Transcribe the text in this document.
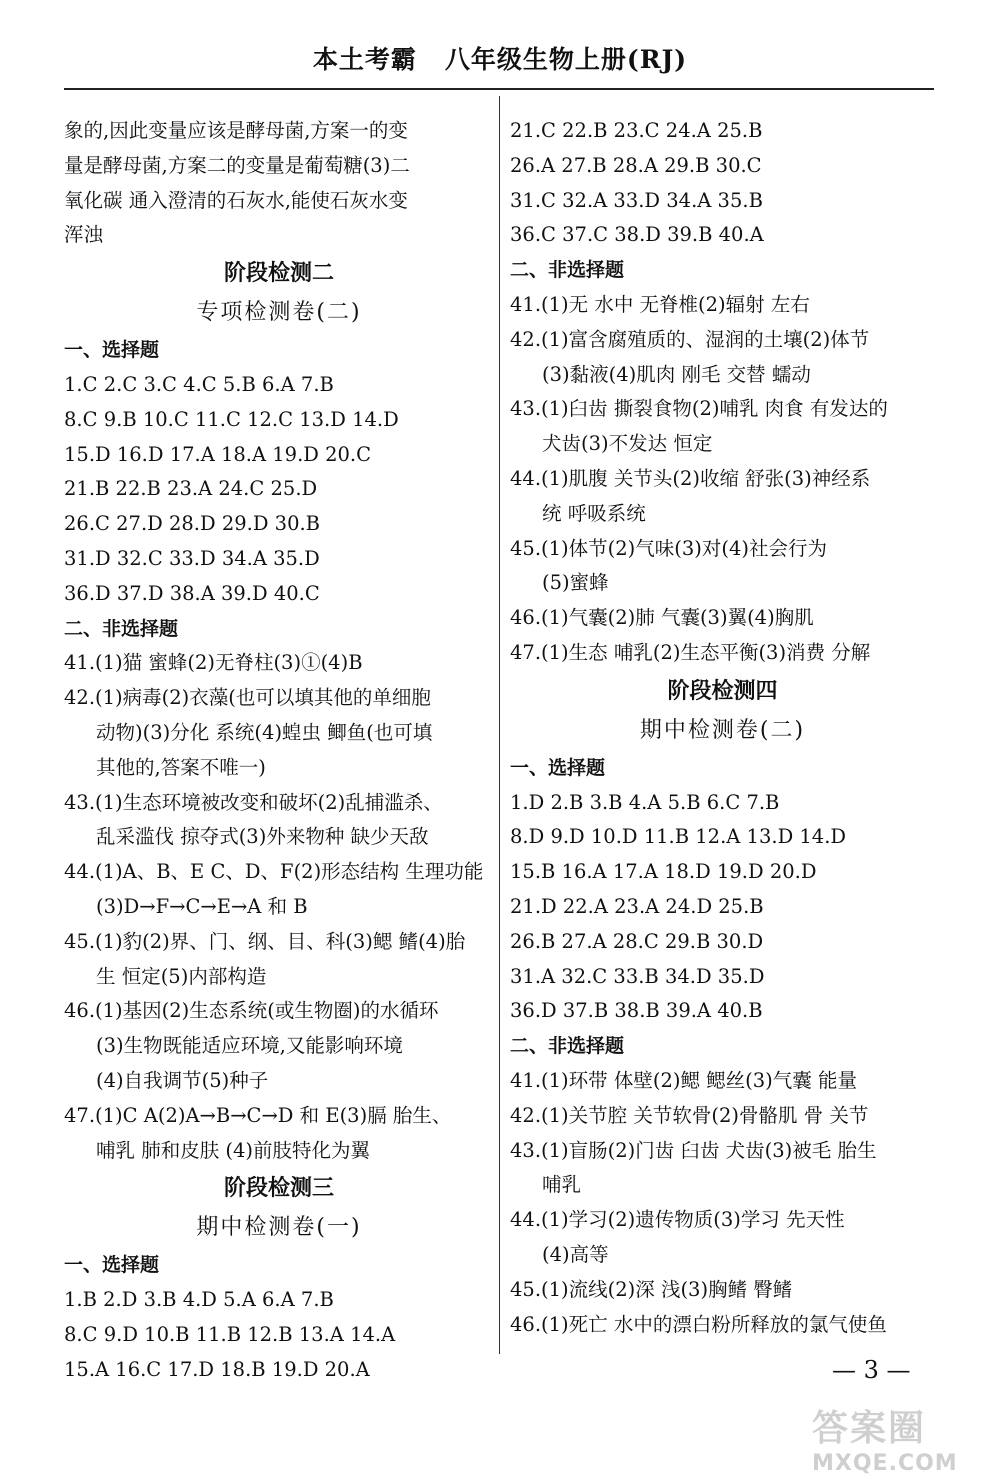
本土考霸 八年级生物上册(RJ)
象的,因此变量应该是酵母菌,方案一的变
量是酵母菌,方案二的变量是葡萄糖(3)二
氧化碳 通入澄清的石灰水,能使石灰水变
浑浊
阶段检测二
专项检测卷(二)
一、选择题
1.C 2.C 3.C 4.C 5.B 6.A 7.B
8.C 9.B 10.C 11.C 12.C 13.D 14.D
15.D 16.D 17.A 18.A 19.D 20.C
21.B 22.B 23.A 24.C 25.D
26.C 27.D 28.D 29.D 30.B
31.D 32.C 33.D 34.A 35.D
36.D 37.D 38.A 39.D 40.C
二、非选择题
41.(1)猫 蜜蜂(2)无脊柱(3)①(4)B
42.(1)病毒(2)衣藻(也可以填其他的单细胞
动物)(3)分化 系统(4)蝗虫 鲫鱼(也可填
其他的,答案不唯一)
43.(1)生态环境被改变和破坏(2)乱捕滥杀、
乱采滥伐 掠夺式(3)外来物种 缺少天敌
44.(1)A、B、E C、D、F(2)形态结构 生理功能
(3)D→F→C→E→A 和 B
45.(1)豹(2)界、门、纲、目、科(3)鳃 鳍(4)胎
生 恒定(5)内部构造
46.(1)基因(2)生态系统(或生物圈)的水循环
(3)生物既能适应环境,又能影响环境
(4)自我调节(5)种子
47.(1)C A(2)A→B→C→D 和 E(3)膈 胎生、
哺乳 肺和皮肤 (4)前肢特化为翼
阶段检测三
期中检测卷(一)
一、选择题
1.B 2.D 3.B 4.D 5.A 6.A 7.B
8.C 9.D 10.B 11.B 12.B 13.A 14.A
15.A 16.C 17.D 18.B 19.D 20.A
21.C 22.B 23.C 24.A 25.B
26.A 27.B 28.A 29.B 30.C
31.C 32.A 33.D 34.A 35.B
36.C 37.C 38.D 39.B 40.A
二、非选择题
41.(1)无 水中 无脊椎(2)辐射 左右
42.(1)富含腐殖质的、湿润的土壤(2)体节
(3)黏液(4)肌肉 刚毛 交替 蠕动
43.(1)臼齿 撕裂食物(2)哺乳 肉食 有发达的
犬齿(3)不发达 恒定
44.(1)肌腹 关节头(2)收缩 舒张(3)神经系
统 呼吸系统
45.(1)体节(2)气味(3)对(4)社会行为
(5)蜜蜂
46.(1)气囊(2)肺 气囊(3)翼(4)胸肌
47.(1)生态 哺乳(2)生态平衡(3)消费 分解
阶段检测四
期中检测卷(二)
一、选择题
1.D 2.B 3.B 4.A 5.B 6.C 7.B
8.D 9.D 10.D 11.B 12.A 13.D 14.D
15.B 16.A 17.A 18.D 19.D 20.D
21.D 22.A 23.A 24.D 25.B
26.B 27.A 28.C 29.B 30.D
31.A 32.C 33.B 34.D 35.D
36.D 37.B 38.B 39.A 40.B
二、非选择题
41.(1)环带 体壁(2)鳃 鳃丝(3)气囊 能量
42.(1)关节腔 关节软骨(2)骨骼肌 骨 关节
43.(1)盲肠(2)门齿 臼齿 犬齿(3)被毛 胎生
哺乳
44.(1)学习(2)遗传物质(3)学习 先天性
(4)高等
45.(1)流线(2)深 浅(3)胸鳍 臀鳍
46.(1)死亡 水中的漂白粉所释放的氯气使鱼
— 3 —
答案圈
MXQE.COM
